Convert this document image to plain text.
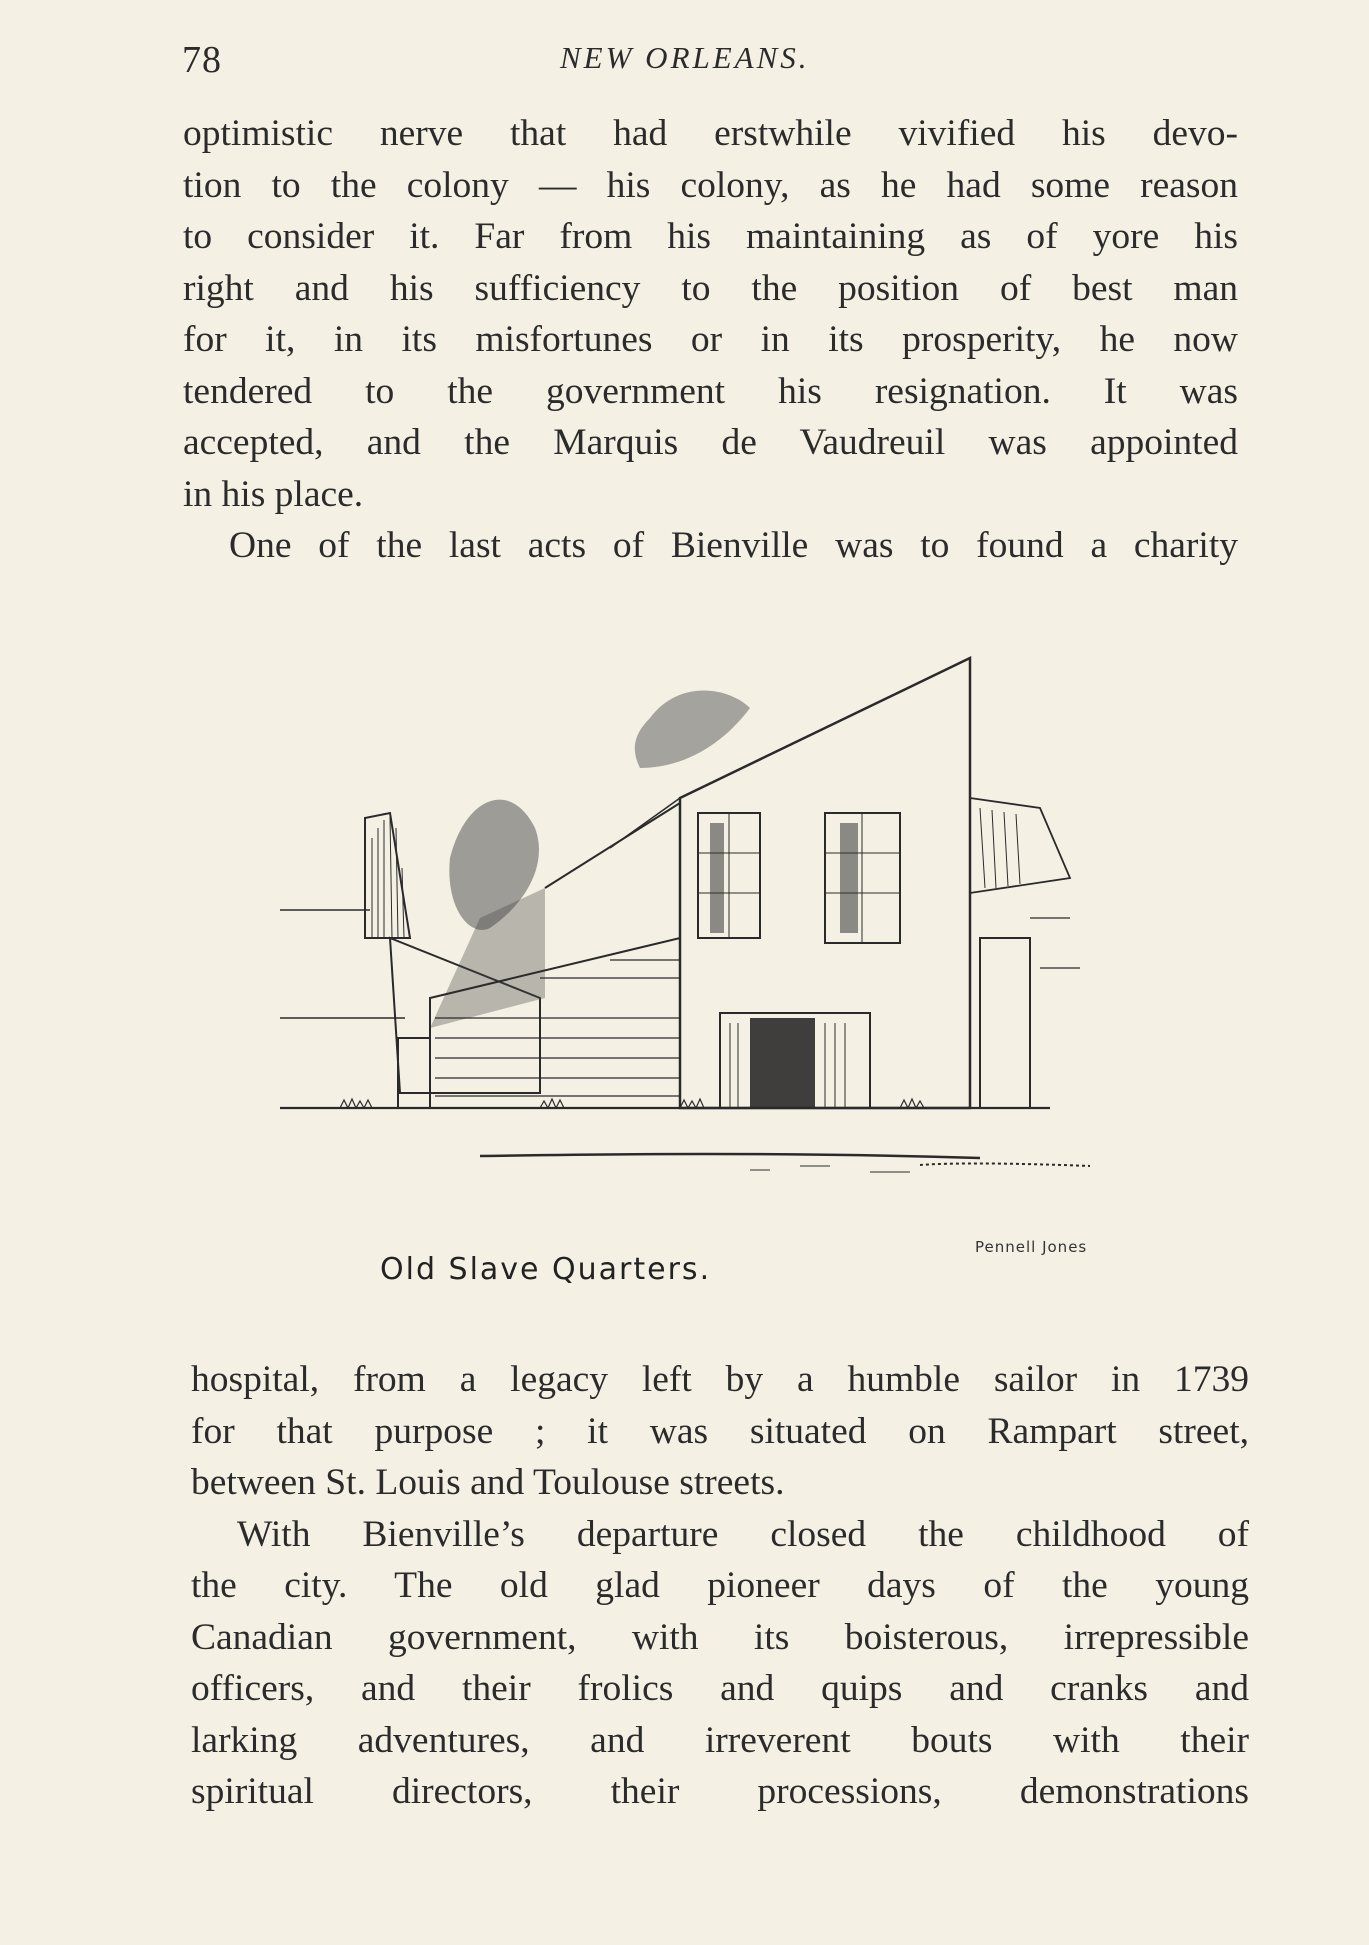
78	NEW ORLEANS.
optimistic nerve that had erstwhile vivified his devo-
tion to the colony — his colony, as he had some reason
to consider it. Far from his maintaining as of yore his
right and his sufficiency to the position of best man
for it, in its misfortunes or in its prosperity, he now
tendered to the government his resignation. It was
accepted, and the Marquis de Vaudreuil was appointed
in his place.
One of the last acts of Bienville was to found a charity
Old Slave Quarters.
Pennell Jones
hospital, from a legacy left by a humble sailor in 1739
for that purpose ; it was situated on Rampart street,
between St. Louis and Toulouse streets.
With Bienville’s departure closed the childhood of
the city. The old glad pioneer days of the young
Canadian government, with its boisterous, irrepressible
officers, and their frolics and quips and cranks and
larking adventures, and irreverent bouts with their
spiritual directors, their processions, demonstrations
